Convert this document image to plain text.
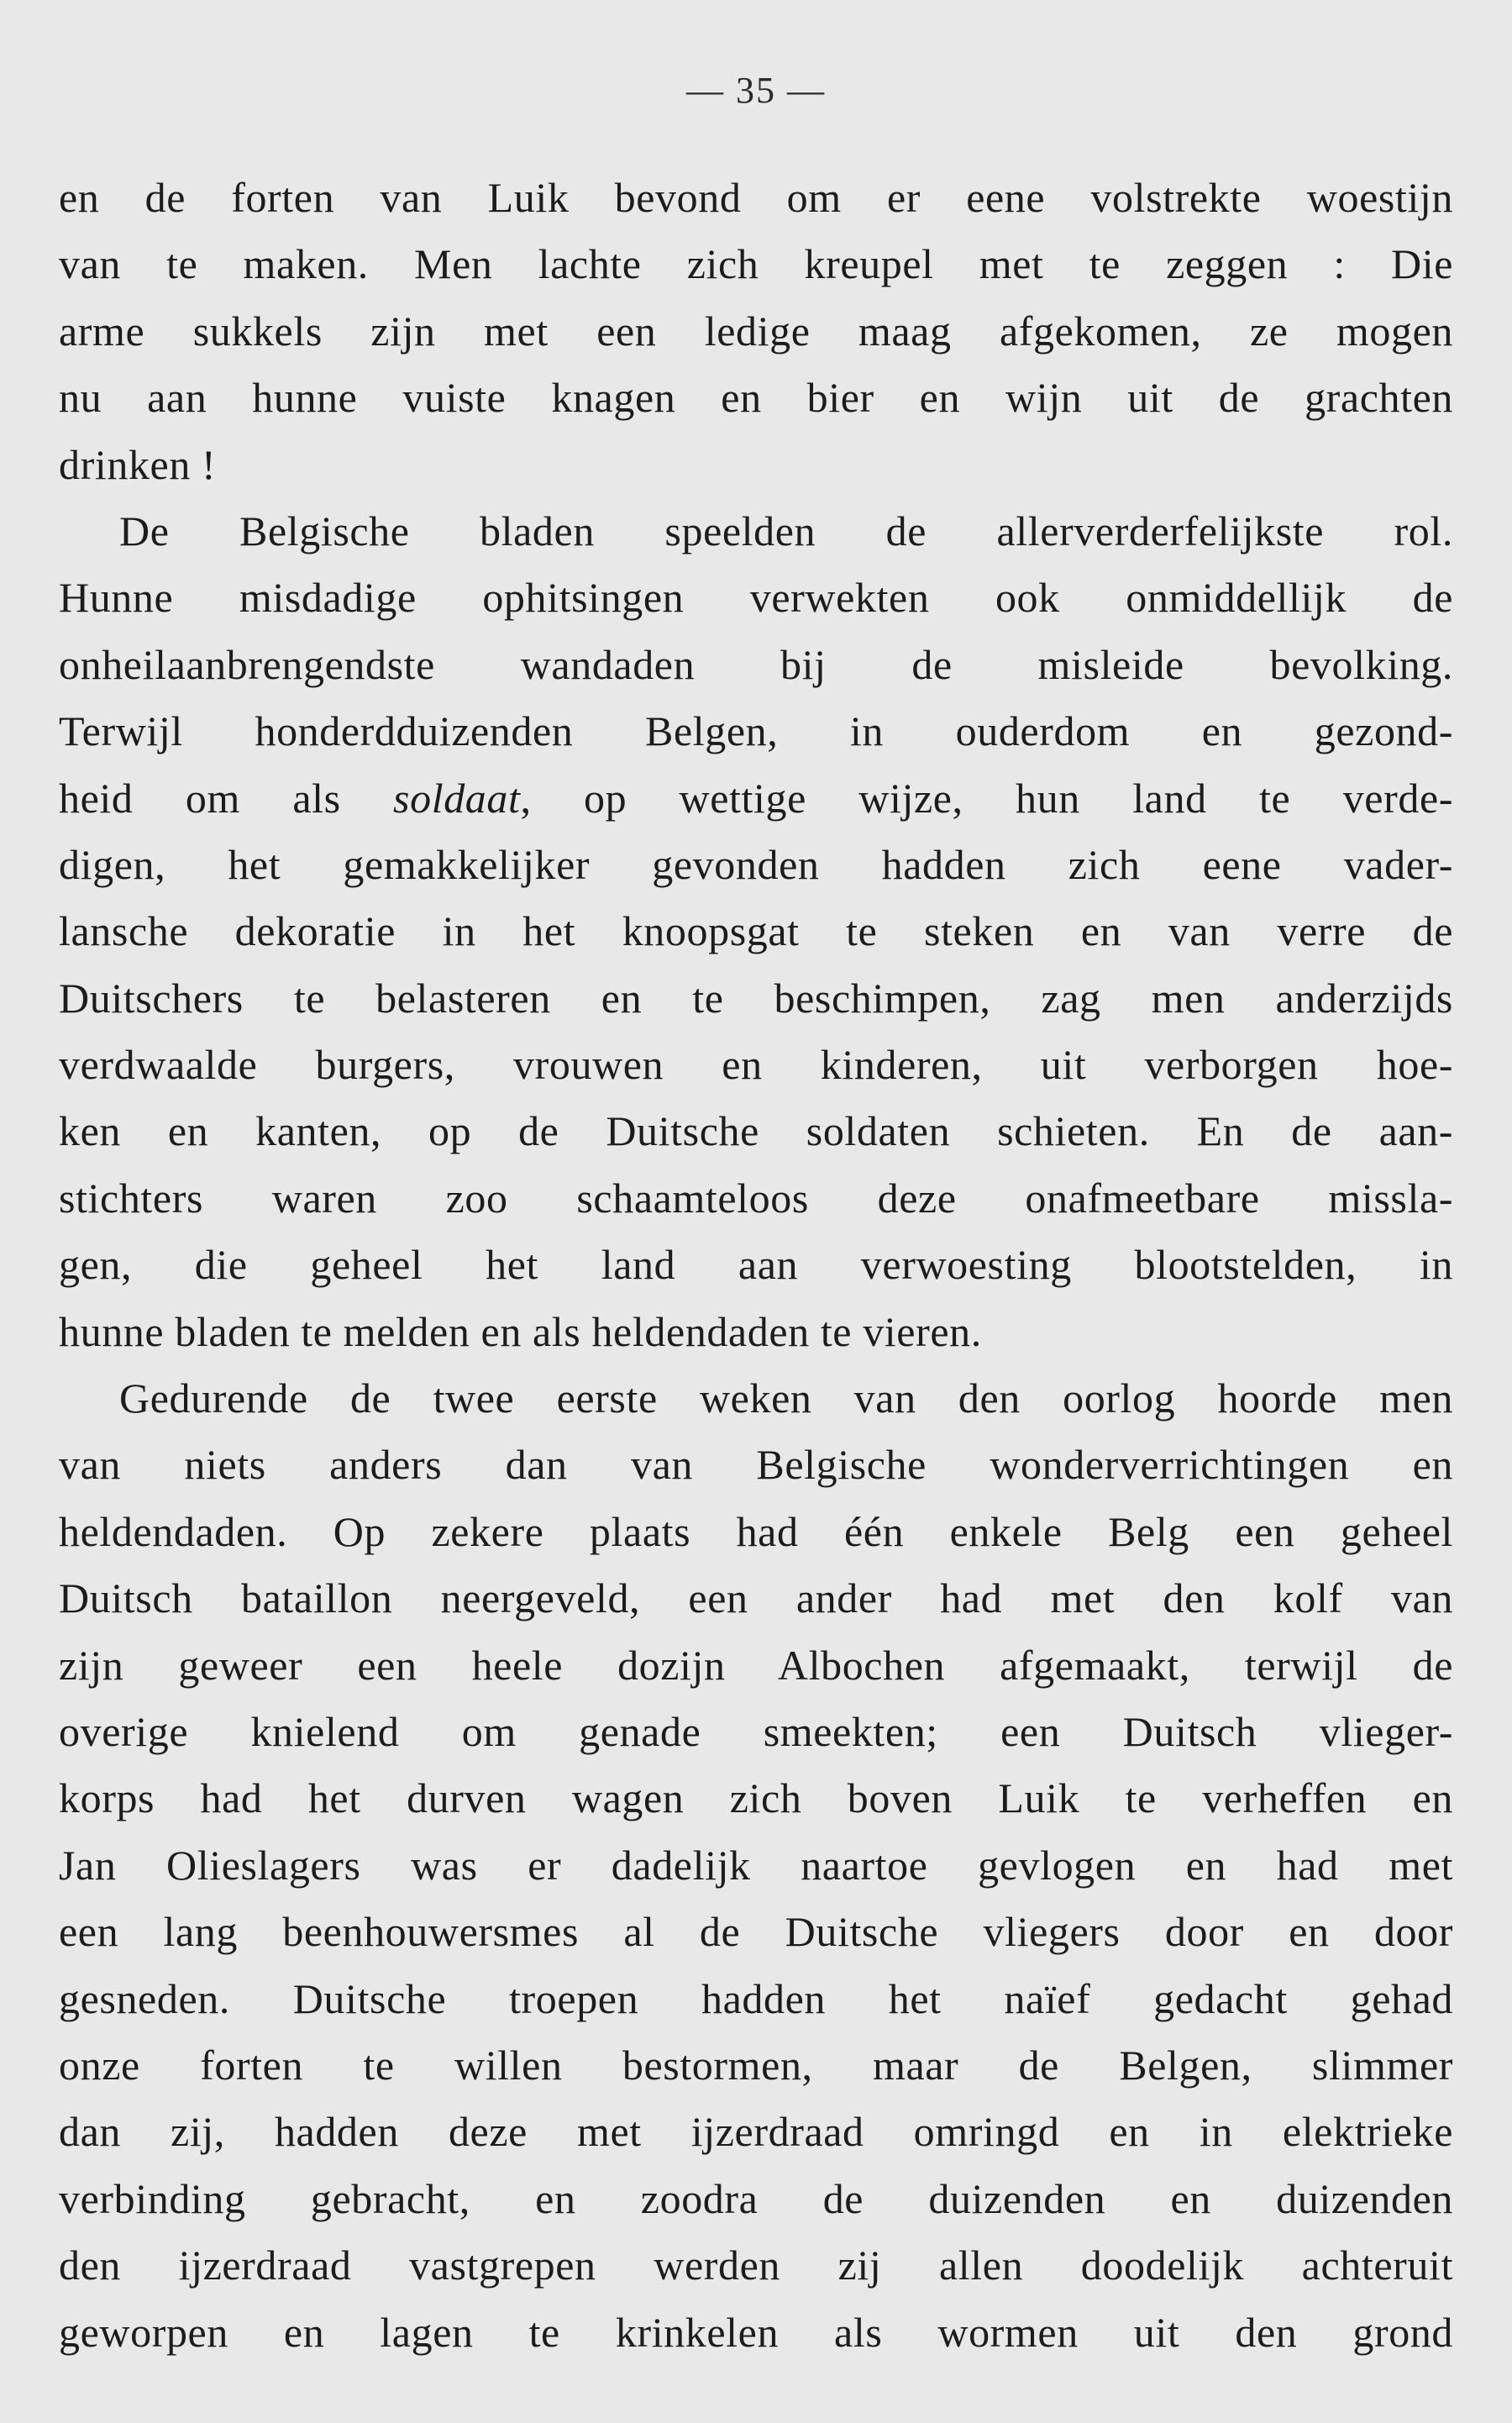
— 35 —
en de forten van Luik bevond om er eene volstrekte woestijn
van te maken. Men lachte zich kreupel met te zeggen : Die
arme sukkels zijn met een ledige maag afgekomen, ze mogen
nu aan hunne vuiste knagen en bier en wijn uit de grachten
drinken !
De Belgische bladen speelden de allerverderfelijkste rol.
Hunne misdadige ophitsingen verwekten ook onmiddellijk de
onheilaanbrengendste wandaden bij de misleide bevolking.
Terwijl honderdduizenden Belgen, in ouderdom en gezond-
heid om als soldaat, op wettige wijze, hun land te verde-
digen, het gemakkelijker gevonden hadden zich eene vader-
lansche dekoratie in het knoopsgat te steken en van verre de
Duitschers te belasteren en te beschimpen, zag men anderzijds
verdwaalde burgers, vrouwen en kinderen, uit verborgen hoe-
ken en kanten, op de Duitsche soldaten schieten. En de aan-
stichters waren zoo schaamteloos deze onafmeetbare missla-
gen, die geheel het land aan verwoesting blootstelden, in
hunne bladen te melden en als heldendaden te vieren.
Gedurende de twee eerste weken van den oorlog hoorde men
van niets anders dan van Belgische wonderverrichtingen en
heldendaden. Op zekere plaats had één enkele Belg een geheel
Duitsch bataillon neergeveld, een ander had met den kolf van
zijn geweer een heele dozijn Albochen afgemaakt, terwijl de
overige knielend om genade smeekten; een Duitsch vlieger-
korps had het durven wagen zich boven Luik te verheffen en
Jan Olieslagers was er dadelijk naartoe gevlogen en had met
een lang beenhouwersmes al de Duitsche vliegers door en door
gesneden. Duitsche troepen hadden het naïef gedacht gehad
onze forten te willen bestormen, maar de Belgen, slimmer
dan zij, hadden deze met ijzerdraad omringd en in elektrieke
verbinding gebracht, en zoodra de duizenden en duizenden
den ijzerdraad vastgrepen werden zij allen doodelijk achteruit
geworpen en lagen te krinkelen als wormen uit den grond
